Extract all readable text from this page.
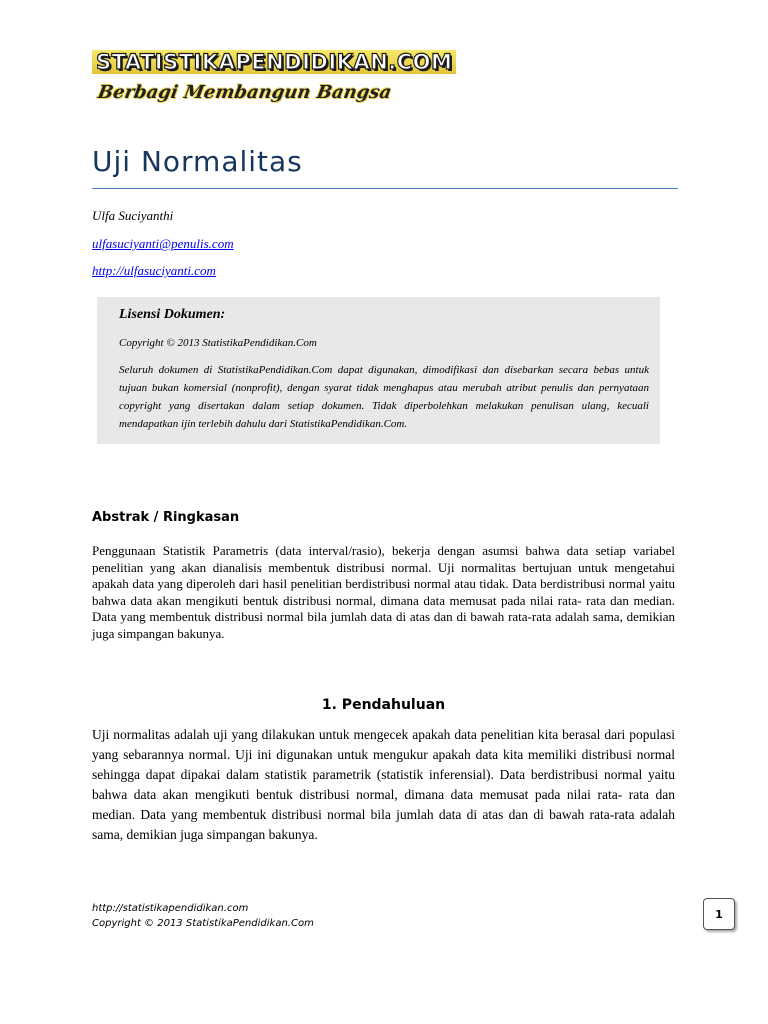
STATISTIKAPENDIDIKAN.COM
Berbagi Membangun Bangsa
Uji Normalitas
Ulfa Suciyanthi
ulfasuciyanti@penulis.com
http://ulfasuciyanti.com
Lisensi Dokumen:
Copyright © 2013 StatistikaPendidikan.Com
Seluruh dokumen di StatistikaPendidikan.Com dapat digunakan, dimodifikasi dan disebarkan secara bebas untuk tujuan bukan komersial (nonprofit), dengan syarat tidak menghapus atau merubah atribut penulis dan pernyataan copyright yang disertakan dalam setiap dokumen. Tidak diperbolehkan melakukan penulisan ulang, kecuali mendapatkan ijin terlebih dahulu dari StatistikaPendidikan.Com.
Abstrak / Ringkasan
Penggunaan Statistik Parametris (data interval/rasio), bekerja dengan asumsi bahwa data setiap variabel penelitian yang akan dianalisis membentuk distribusi normal. Uji normalitas bertujuan untuk mengetahui apakah data yang diperoleh dari hasil penelitian berdistribusi normal atau tidak. Data berdistribusi normal yaitu bahwa data akan mengikuti bentuk distribusi normal, dimana data memusat pada nilai rata- rata dan median. Data yang membentuk distribusi normal bila jumlah data di atas dan di bawah rata-rata adalah sama, demikian juga simpangan bakunya.
1. Pendahuluan
Uji normalitas adalah uji yang dilakukan untuk mengecek apakah data penelitian kita berasal dari populasi yang sebarannya normal. Uji ini digunakan untuk mengukur apakah data kita memiliki distribusi normal sehingga dapat dipakai dalam statistik parametrik (statistik inferensial). Data berdistribusi normal yaitu bahwa data akan mengikuti bentuk distribusi normal, dimana data memusat pada nilai rata- rata dan median. Data yang membentuk distribusi normal bila jumlah data di atas dan di bawah rata-rata adalah sama, demikian juga simpangan bakunya.
http://statistikapendidikan.com
Copyright © 2013 StatistikaPendidikan.Com
1
